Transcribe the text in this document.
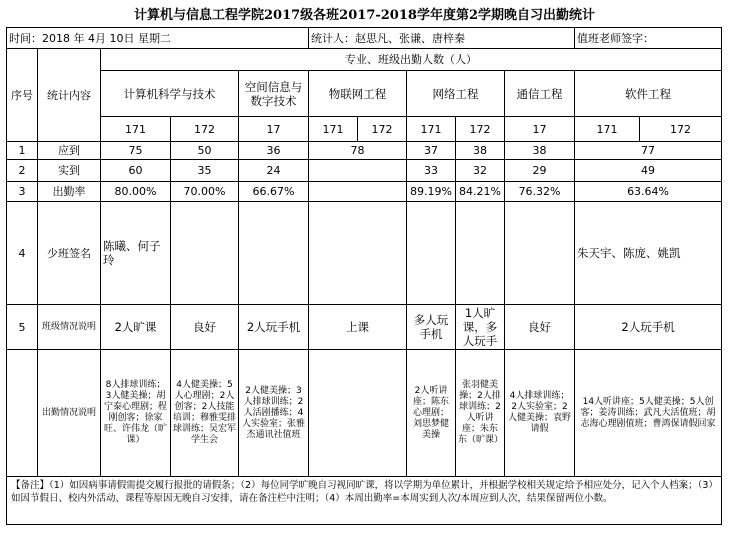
计算机与信息工程学院2017级各班2017-2018学年度第2学期晚自习出勤统计
时间：2018 年 4月 10日 星期二					统计人：赵思凡、张谦、唐梓秦					值班老师签字：	
序号	统计内容	专业、班级出勤人数（人）									
		计算机科学与技术		空间信息与数字技术	物联网工程		网络工程		通信工程	软件工程	
		171	172	17	171	172	171	172	17	171	172
1	应到	75	50	36	78		37	38	38	77	
2	实到	60	35	24			33	32	29	49	
3	出勤率	80.00%	70.00%	66.67%			89.19%	84.21%	76.32%	63.64%	
4	少班签名	陈曦、何子玲								朱天宇、陈庞、姚凯	
5	班级情况说明	2人旷课	良好	2人玩手机	上课		多人玩手机	1人旷课，多人玩手	良好	2人玩手机	
	出勤情况说明	8人排球训练；3人健美操；胡宁泰心理剧；程刚创客；徐家旺、许伟龙（旷课）	4人健美操；5人心理剧；2人创客；2人技能培训；穆雅雯排球训练；吴宏军学生会	2人健美操；3人排球训练；2人活剧播练；4人实验室；张雅杰通讯社值班			2人听讲座；陈东心理剧；刘思梦健美操	张羽健美操；2人排球训练；2人听讲座；朱东东（旷课）	4人排球训练；2人实验室；2人健美操；袁野请假	14人听讲座；5人健美操；5人创客；姜涛训练；武凡大活值班；胡志海心理剧值班；曹鸿保请假回家	
【备注】（1）如因病事请假需提交履行报批的请假条；（2）每位同学旷晚自习视同旷课，将以学期为单位累计，并根据学校相关规定给予相应处分，记入个人档案；（3）如因节假日、校内外活动、课程等原因无晚自习安排，请在备注栏中注明；（4）本周出勤率=本周实到人次/本周应到人次，结果保留两位小数。											
